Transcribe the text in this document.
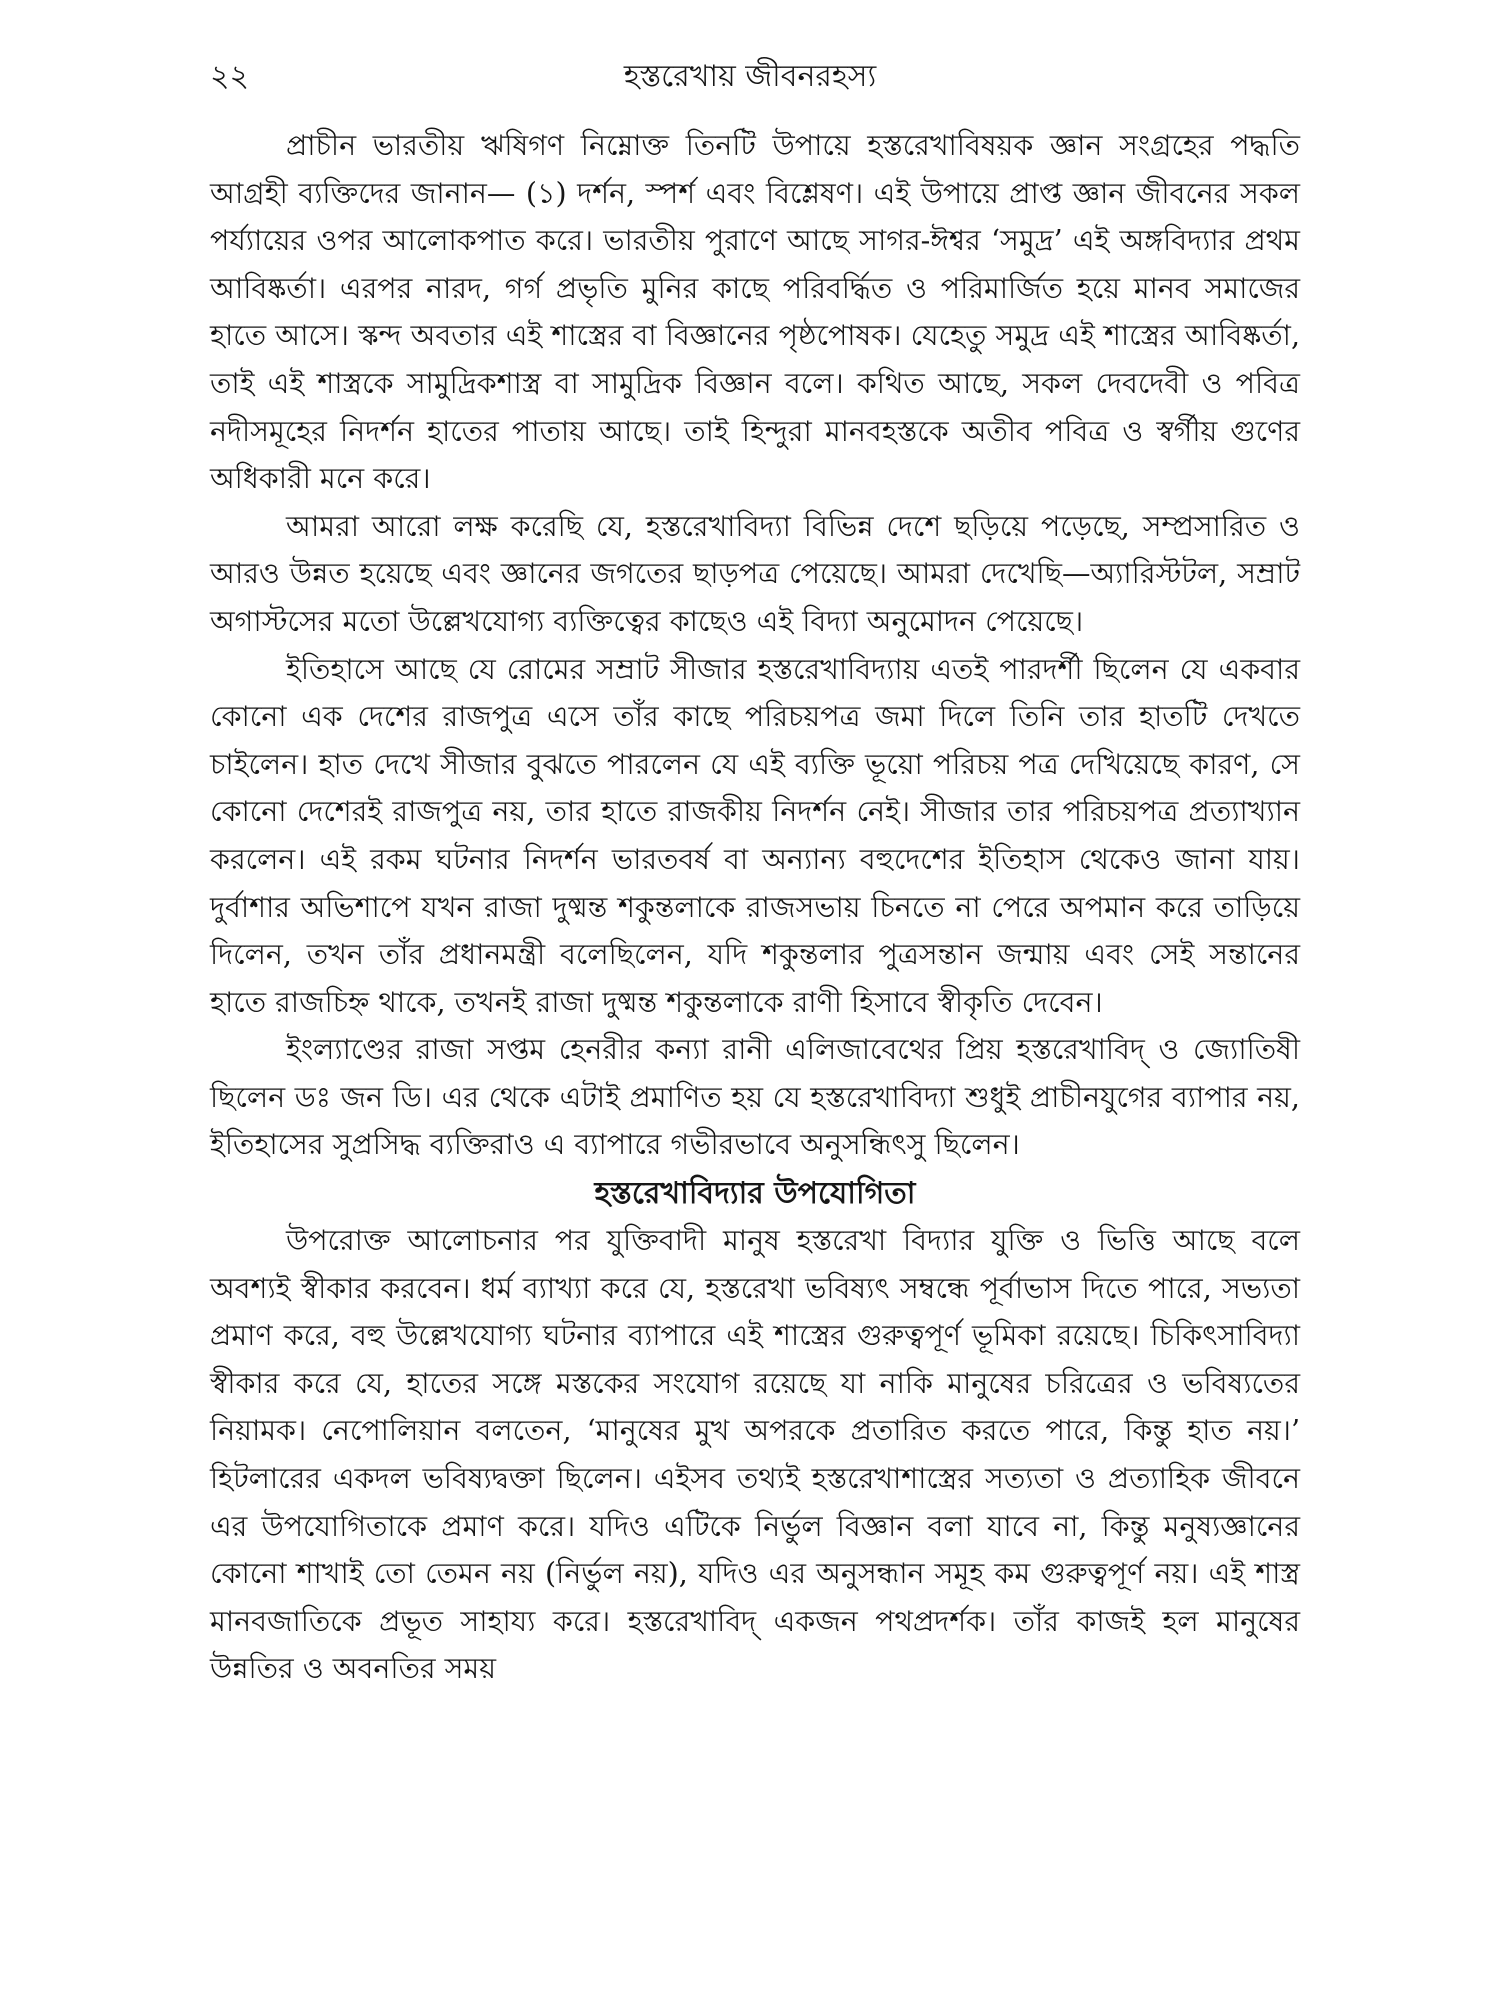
২২	হস্তরেখায় জীবনরহস্য

প্রাচীন ভারতীয় ঋষিগণ নিম্নোক্ত তিনটি উপায়ে হস্তরেখাবিষয়ক জ্ঞান সংগ্রহের পদ্ধতি আগ্রহী ব্যক্তিদের জানান— (১) দর্শন, স্পর্শ এবং বিশ্লেষণ। এই উপায়ে প্রাপ্ত জ্ঞান জীবনের সকল পর্য্যায়ের ওপর আলোকপাত করে। ভারতীয় পুরাণে আছে সাগর-ঈশ্বর ‘সমুদ্র’ এই অঙ্গবিদ্যার প্রথম আবিষ্কর্তা। এরপর নারদ, গর্গ প্রভৃতি মুনির কাছে পরিবর্দ্ধিত ও পরিমার্জিত হয়ে মানব সমাজের হাতে আসে। স্কন্দ অবতার এই শাস্ত্রের বা বিজ্ঞানের পৃষ্ঠপোষক। যেহেতু সমুদ্র এই শাস্ত্রের আবিষ্কর্তা, তাই এই শাস্ত্রকে সামুদ্রিকশাস্ত্র বা সামুদ্রিক বিজ্ঞান বলে। কথিত আছে, সকল দেবদেবী ও পবিত্র নদীসমূহের নিদর্শন হাতের পাতায় আছে। তাই হিন্দুরা মানবহস্তকে অতীব পবিত্র ও স্বর্গীয় গুণের অধিকারী মনে করে।

আমরা আরো লক্ষ করেছি যে, হস্তরেখাবিদ্যা বিভিন্ন দেশে ছড়িয়ে পড়েছে, সম্প্রসারিত ও আরও উন্নত হয়েছে এবং জ্ঞানের জগতের ছাড়পত্র পেয়েছে। আমরা দেখেছি—অ্যারিস্টটল, সম্রাট অগাস্টসের মতো উল্লেখযোগ্য ব্যক্তিত্বের কাছেও এই বিদ্যা অনুমোদন পেয়েছে।

ইতিহাসে আছে যে রোমের সম্রাট সীজার হস্তরেখাবিদ্যায় এতই পারদর্শী ছিলেন যে একবার কোনো এক দেশের রাজপুত্র এসে তাঁর কাছে পরিচয়পত্র জমা দিলে তিনি তার হাতটি দেখতে চাইলেন। হাত দেখে সীজার বুঝতে পারলেন যে এই ব্যক্তি ভূয়ো পরিচয় পত্র দেখিয়েছে কারণ, সে কোনো দেশেরই রাজপুত্র নয়, তার হাতে রাজকীয় নিদর্শন নেই। সীজার তার পরিচয়পত্র প্রত্যাখ্যান করলেন। এই রকম ঘটনার নিদর্শন ভারতবর্ষ বা অন্যান্য বহুদেশের ইতিহাস থেকেও জানা যায়। দুর্বাশার অভিশাপে যখন রাজা দুষ্মন্ত শকুন্তলাকে রাজসভায় চিনতে না পেরে অপমান করে তাড়িয়ে দিলেন, তখন তাঁর প্রধানমন্ত্রী বলেছিলেন, যদি শকুন্তলার পুত্রসন্তান জন্মায় এবং সেই সন্তানের হাতে রাজচিহ্ন থাকে, তখনই রাজা দুষ্মন্ত শকুন্তলাকে রাণী হিসাবে স্বীকৃতি দেবেন।

ইংল্যাণ্ডের রাজা সপ্তম হেনরীর কন্যা রানী এলিজাবেথের প্রিয় হস্তরেখাবিদ্ ও জ্যোতিষী ছিলেন ডঃ জন ডি। এর থেকে এটাই প্রমাণিত হয় যে হস্তরেখাবিদ্যা শুধুই প্রাচীনযুগের ব্যাপার নয়, ইতিহাসের সুপ্রসিদ্ধ ব্যক্তিরাও এ ব্যাপারে গভীরভাবে অনুসন্ধিৎসু ছিলেন।

হস্তরেখাবিদ্যার উপযোগিতা

উপরোক্ত আলোচনার পর যুক্তিবাদী মানুষ হস্তরেখা বিদ্যার যুক্তি ও ভিত্তি আছে বলে অবশ্যই স্বীকার করবেন। ধর্ম ব্যাখ্যা করে যে, হস্তরেখা ভবিষ্যৎ সম্বন্ধে পূর্বাভাস দিতে পারে, সভ্যতা প্রমাণ করে, বহু উল্লেখযোগ্য ঘটনার ব্যাপারে এই শাস্ত্রের গুরুত্বপূর্ণ ভূমিকা রয়েছে। চিকিৎসাবিদ্যা স্বীকার করে যে, হাতের সঙ্গে মস্তকের সংযোগ রয়েছে যা নাকি মানুষের চরিত্রের ও ভবিষ্যতের নিয়ামক। নেপোলিয়ান বলতেন, ‘মানুষের মুখ অপরকে প্রতারিত করতে পারে, কিন্তু হাত নয়।’ হিটলারের একদল ভবিষ্যদ্বক্তা ছিলেন। এইসব তথ্যই হস্তরেখাশাস্ত্রের সত্যতা ও প্রত্যাহিক জীবনে এর উপযোগিতাকে প্রমাণ করে। যদিও এটিকে নির্ভুল বিজ্ঞান বলা যাবে না, কিন্তু মনুষ্যজ্ঞানের কোনো শাখাই তো তেমন নয় (নির্ভুল নয়), যদিও এর অনুসন্ধান সমূহ কম গুরুত্বপূর্ণ নয়। এই শাস্ত্র মানবজাতিকে প্রভূত সাহায্য করে। হস্তরেখাবিদ্ একজন পথপ্রদর্শক। তাঁর কাজই হল মানুষের উন্নতির ও অবনতির সময়
